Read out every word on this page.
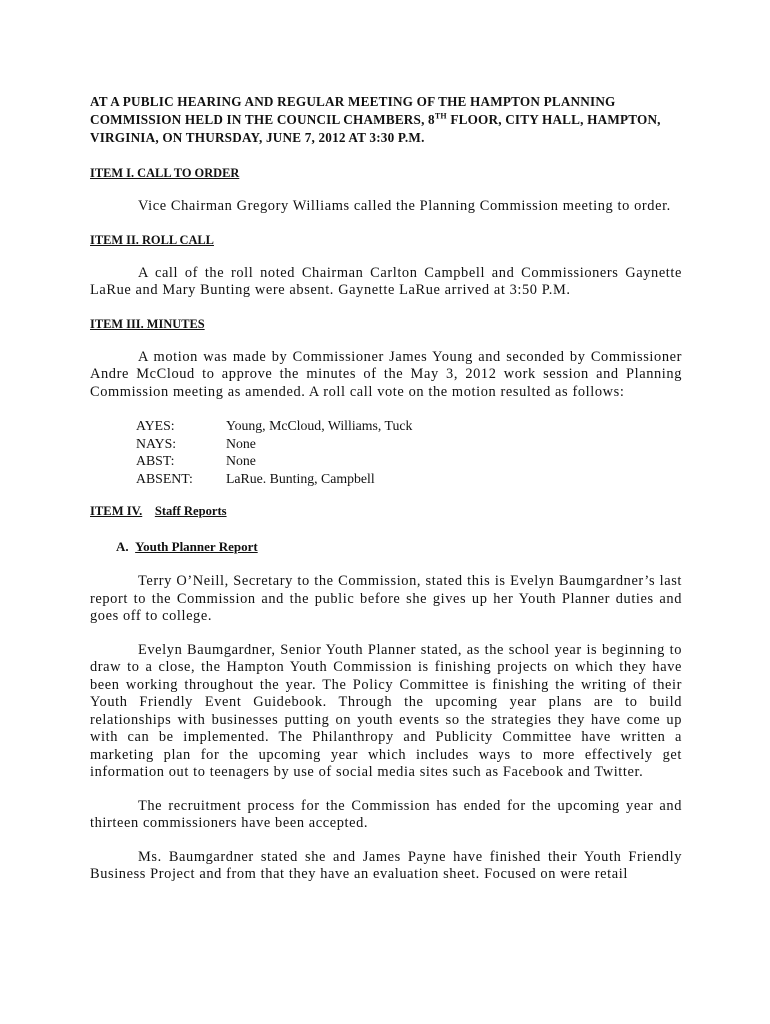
AT A PUBLIC HEARING AND REGULAR MEETING OF THE HAMPTON PLANNING
COMMISSION HELD IN THE COUNCIL CHAMBERS, 8TH FLOOR, CITY HALL, HAMPTON,
VIRGINIA, ON THURSDAY, JUNE 7, 2012 AT 3:30 P.M.

ITEM I. CALL TO ORDER

Vice Chairman Gregory Williams called the Planning Commission meeting to order.

ITEM II. ROLL CALL

A call of the roll noted Chairman Carlton Campbell and Commissioners Gaynette LaRue and Mary Bunting were absent. Gaynette LaRue arrived at 3:50 P.M.

ITEM III. MINUTES

A motion was made by Commissioner James Young and seconded by Commissioner Andre McCloud to approve the minutes of the May 3, 2012 work session and Planning Commission meeting as amended. A roll call vote on the motion resulted as follows:

AYES:	Young, McCloud, Williams, Tuck
NAYS:	None
ABST:	None
ABSENT:	LaRue. Bunting, Campbell

ITEM IV. Staff Reports

A. Youth Planner Report

Terry O’Neill, Secretary to the Commission, stated this is Evelyn Baumgardner’s last report to the Commission and the public before she gives up her Youth Planner duties and goes off to college.

Evelyn Baumgardner, Senior Youth Planner stated, as the school year is beginning to draw to a close, the Hampton Youth Commission is finishing projects on which they have been working throughout the year. The Policy Committee is finishing the writing of their Youth Friendly Event Guidebook. Through the upcoming year plans are to build relationships with businesses putting on youth events so the strategies they have come up with can be implemented. The Philanthropy and Publicity Committee have written a marketing plan for the upcoming year which includes ways to more effectively get information out to teenagers by use of social media sites such as Facebook and Twitter.

The recruitment process for the Commission has ended for the upcoming year and thirteen commissioners have been accepted.

Ms. Baumgardner stated she and James Payne have finished their Youth Friendly Business Project and from that they have an evaluation sheet. Focused on were retail
